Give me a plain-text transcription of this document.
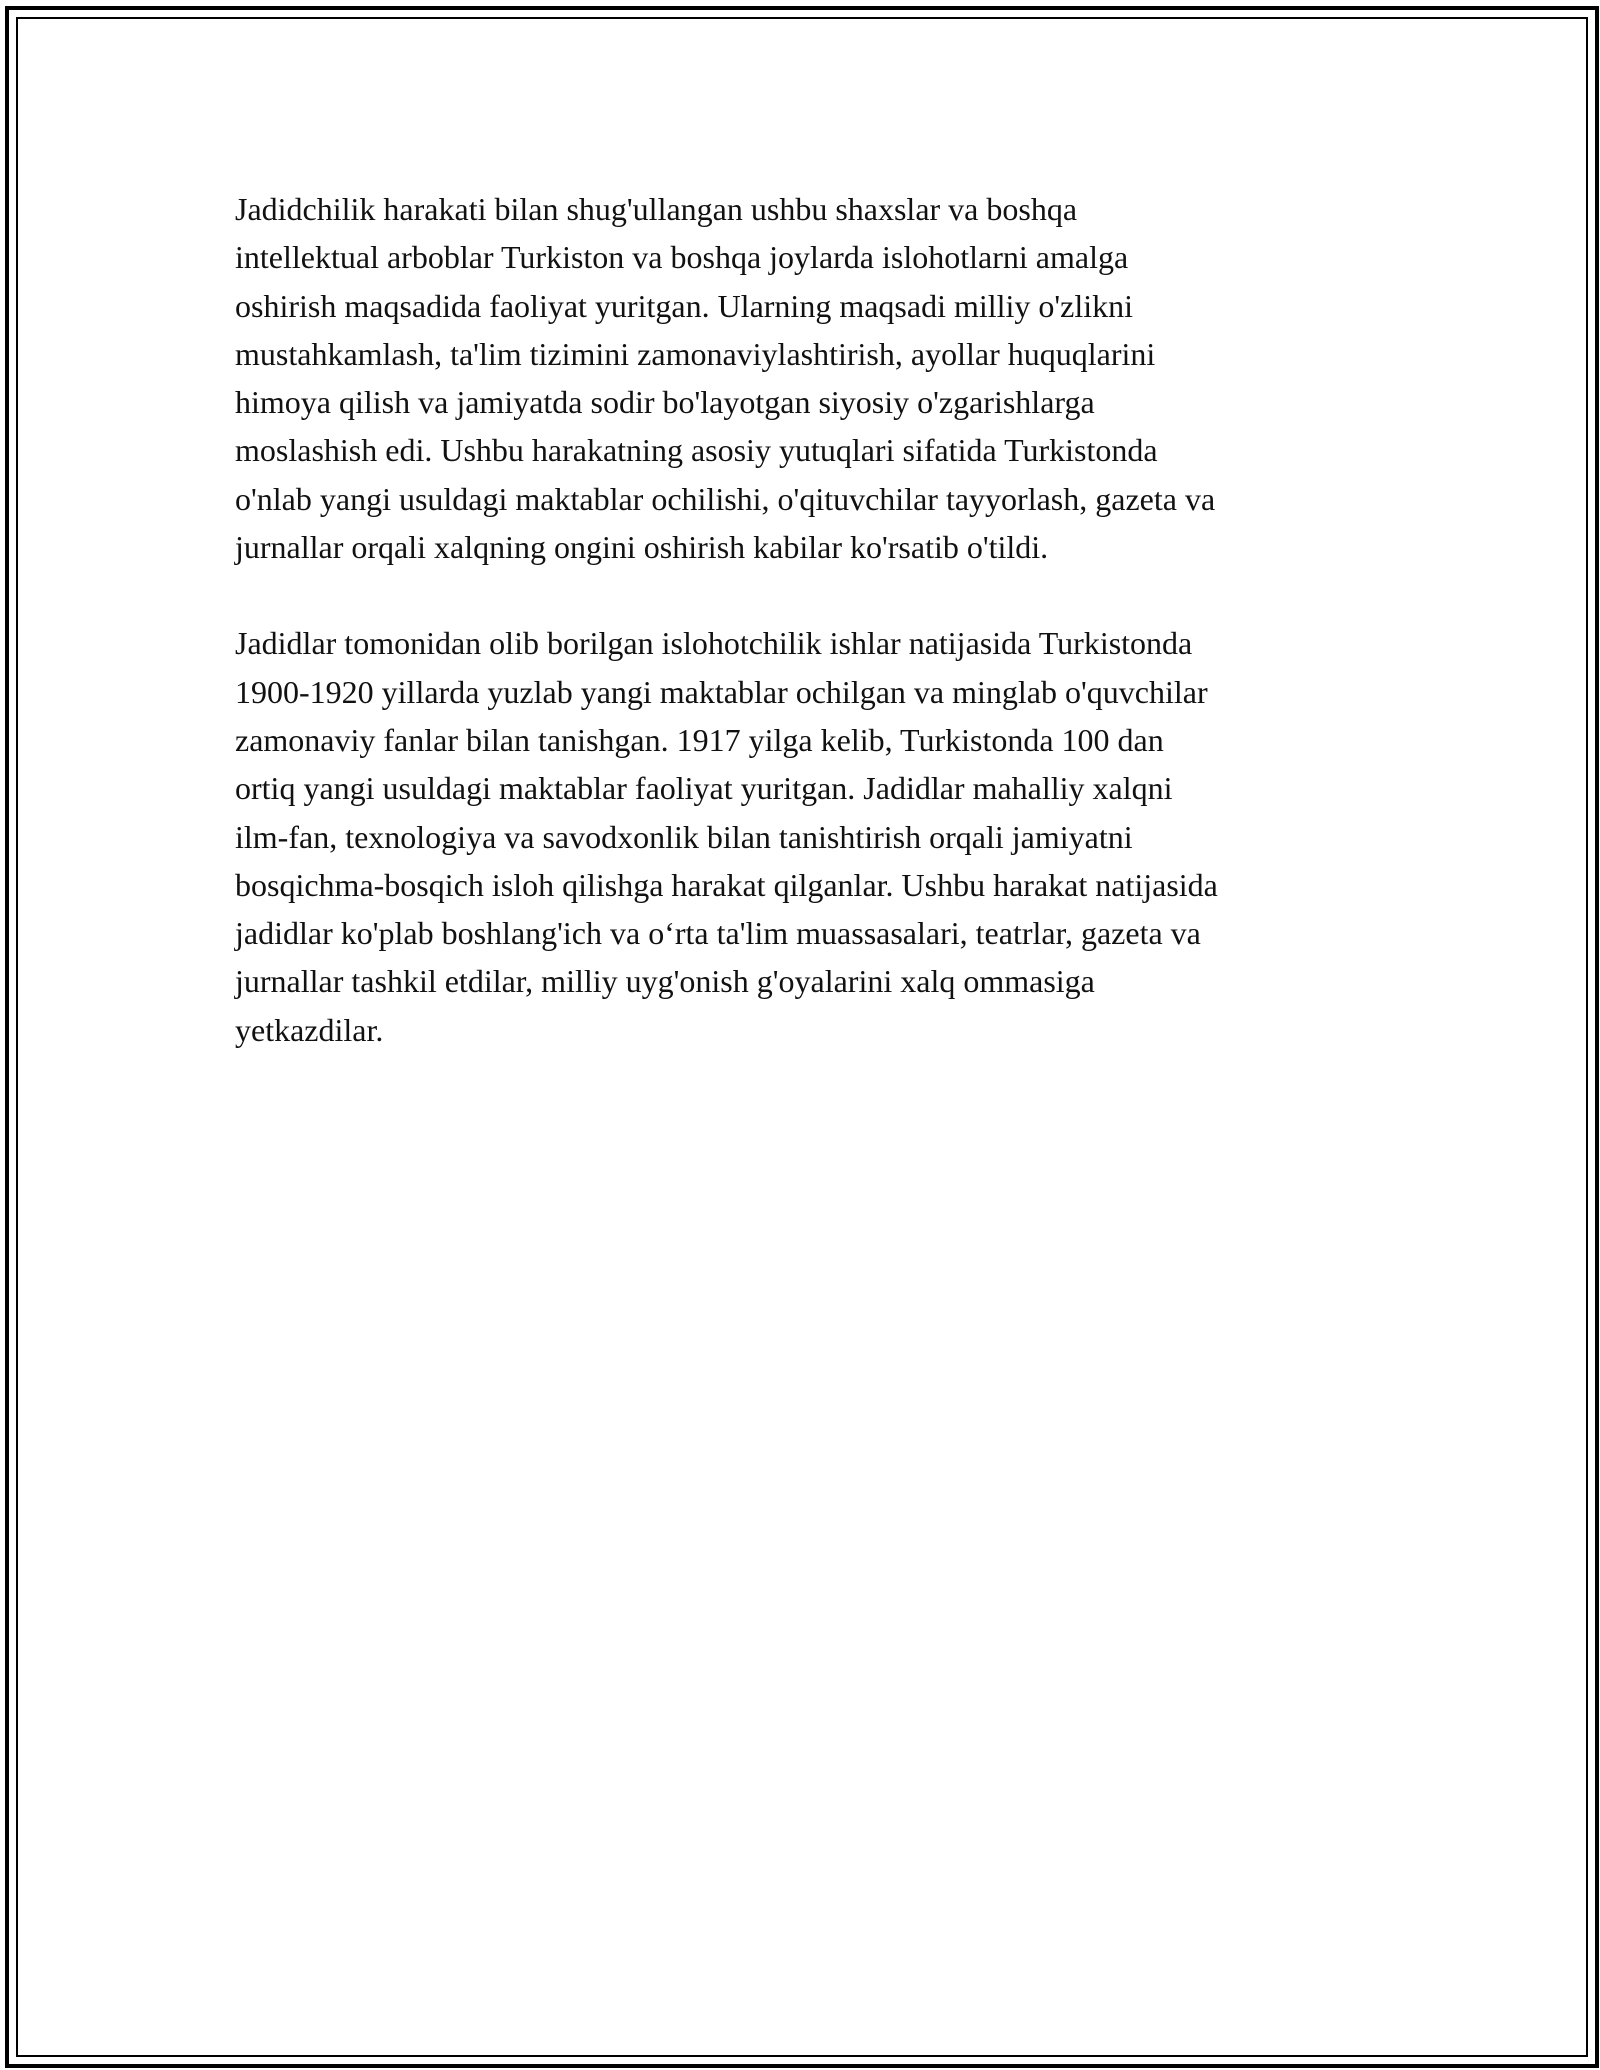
Jadidchilik harakati bilan shug'ullangan ushbu shaxslar va boshqa
intellektual arboblar Turkiston va boshqa joylarda islohotlarni amalga
oshirish maqsadida faoliyat yuritgan. Ularning maqsadi milliy o'zlikni
mustahkamlash, ta'lim tizimini zamonaviylashtirish, ayollar huquqlarini
himoya qilish va jamiyatda sodir bo'layotgan siyosiy o'zgarishlarga
moslashish edi. Ushbu harakatning asosiy yutuqlari sifatida Turkistonda
o'nlab yangi usuldagi maktablar ochilishi, o'qituvchilar tayyorlash, gazeta va
jurnallar orqali xalqning ongini oshirish kabilar ko'rsatib o'tildi.

Jadidlar tomonidan olib borilgan islohotchilik ishlar natijasida Turkistonda
1900-1920 yillarda yuzlab yangi maktablar ochilgan va minglab o'quvchilar
zamonaviy fanlar bilan tanishgan. 1917 yilga kelib, Turkistonda 100 dan
ortiq yangi usuldagi maktablar faoliyat yuritgan. Jadidlar mahalliy xalqni
ilm-fan, texnologiya va savodxonlik bilan tanishtirish orqali jamiyatni
bosqichma-bosqich isloh qilishga harakat qilganlar. Ushbu harakat natijasida
jadidlar ko'plab boshlang'ich va o‘rta ta'lim muassasalari, teatrlar, gazeta va
jurnallar tashkil etdilar, milliy uyg'onish g'oyalarini xalq ommasiga
yetkazdilar.
